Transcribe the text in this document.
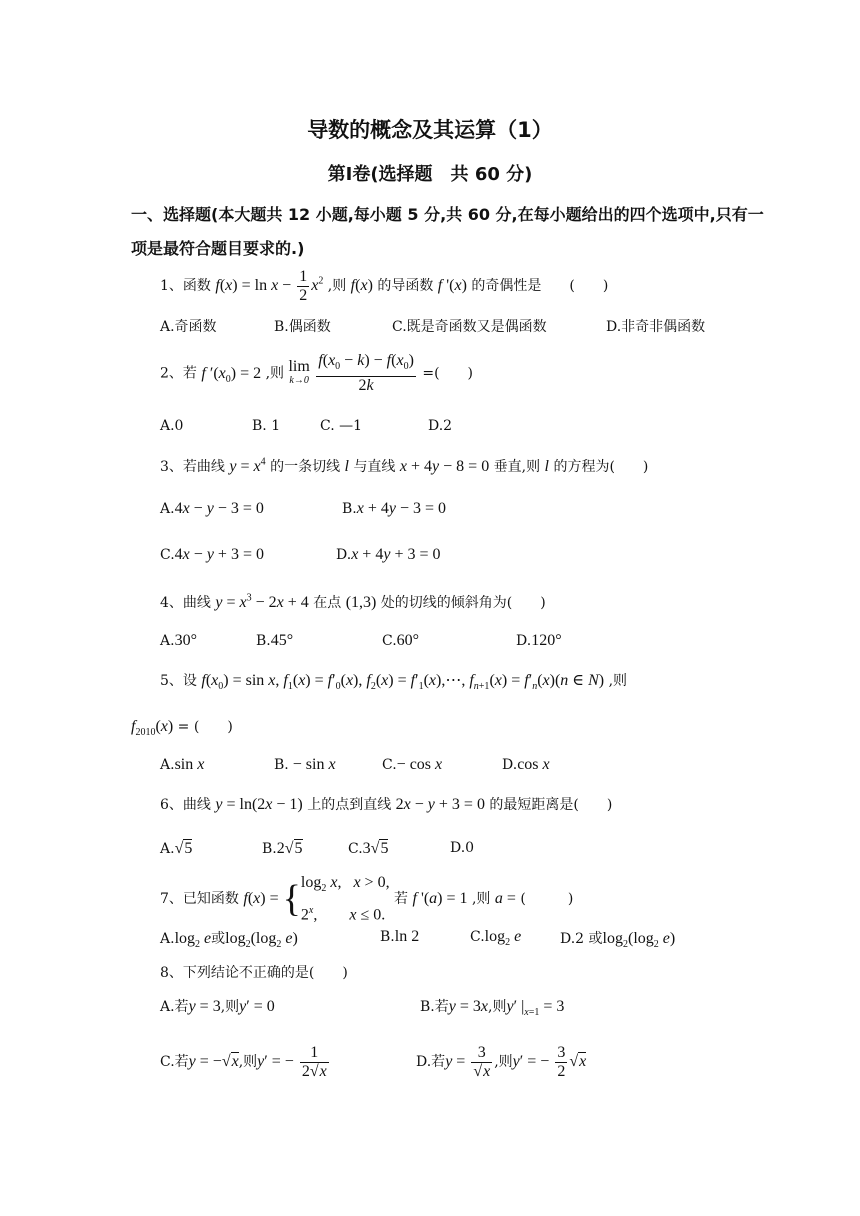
导数的概念及其运算（1）
第Ⅰ卷(选择题　共 60 分)
一、选择题(本大题共 12 小题,每小题 5 分,共 60 分,在每小题给出的四个选项中,只有一项是最符合题目要求的.)
1、函数 $f(x) = \ln x - \frac{1}{2} x^2$ ,则 f(x) 的导函数 f '(x) 的奇偶性是　　(　　)
A.奇函数	B.偶函数	C.既是奇函数又是偶函数	D.非奇非偶函数
2、若 f $'(x_0) = 2$ ,则 lim
k→0
$\frac{f(x_0 - k) - f(x_0)}{2k}$ =(　　)
A.0	B. 1	C. —1	D.2
3、若曲线 $y = x^4$ 的一条切线 l 与直线 x + 4y − 8 = 0 垂直,则 l 的方程为(　　)
A.4x − y − 3 = 0	B.x + 4y − 3 = 0
C.4x − y + 3 = 0	D.x + 4y + 3 = 0
4、曲线 $y = x^3 - 2x + 4$ 在点 (1,3) 处的切线的倾斜角为(　　)
A.30°	B.45°	C.60°	D.120°
5、设 $f(x_0) = \sin x$, $f_1(x) = f'_0(x)$, $f_2(x)$ = $f'_1(x),\cdots$, $f_{n+1}(x) = f'_n(x)(n$ ∈ N) ,则
$f_{2010}(x)$ = (　　)
A.sin x	B. − sin x	C.− cos x	D.cos x
6、曲线 y = ln(2x − 1) 上的点到直线 2x − y + 3 = 0 的最短距离是(　　)
A.√5	B.2√5	C.3√5	D.0
7、已知函数 $f(x) = \{\log_2$ x,   x > 0,
2$^x$,        x ≤ 0. 若 f '(a) = 1 ,则 a = (　　　)
$A.\log_2$ e或$\log_2(\log_2$ e)	B.ln 2	$C.\log_2$ e	D.2 或$\log_2(\log_2$ e)
8、下列结论不正确的是(　　)
A.若y = 3,则y′ = 0	B.若y = 3x,则y′ $|_{x=1} = 3$
C.若y = −√x,则y′ = − $\frac{1}{2√x}$	D.若$y = \frac{3}{√x}$ ,则y′ = − $\frac{3}{2} √x$
